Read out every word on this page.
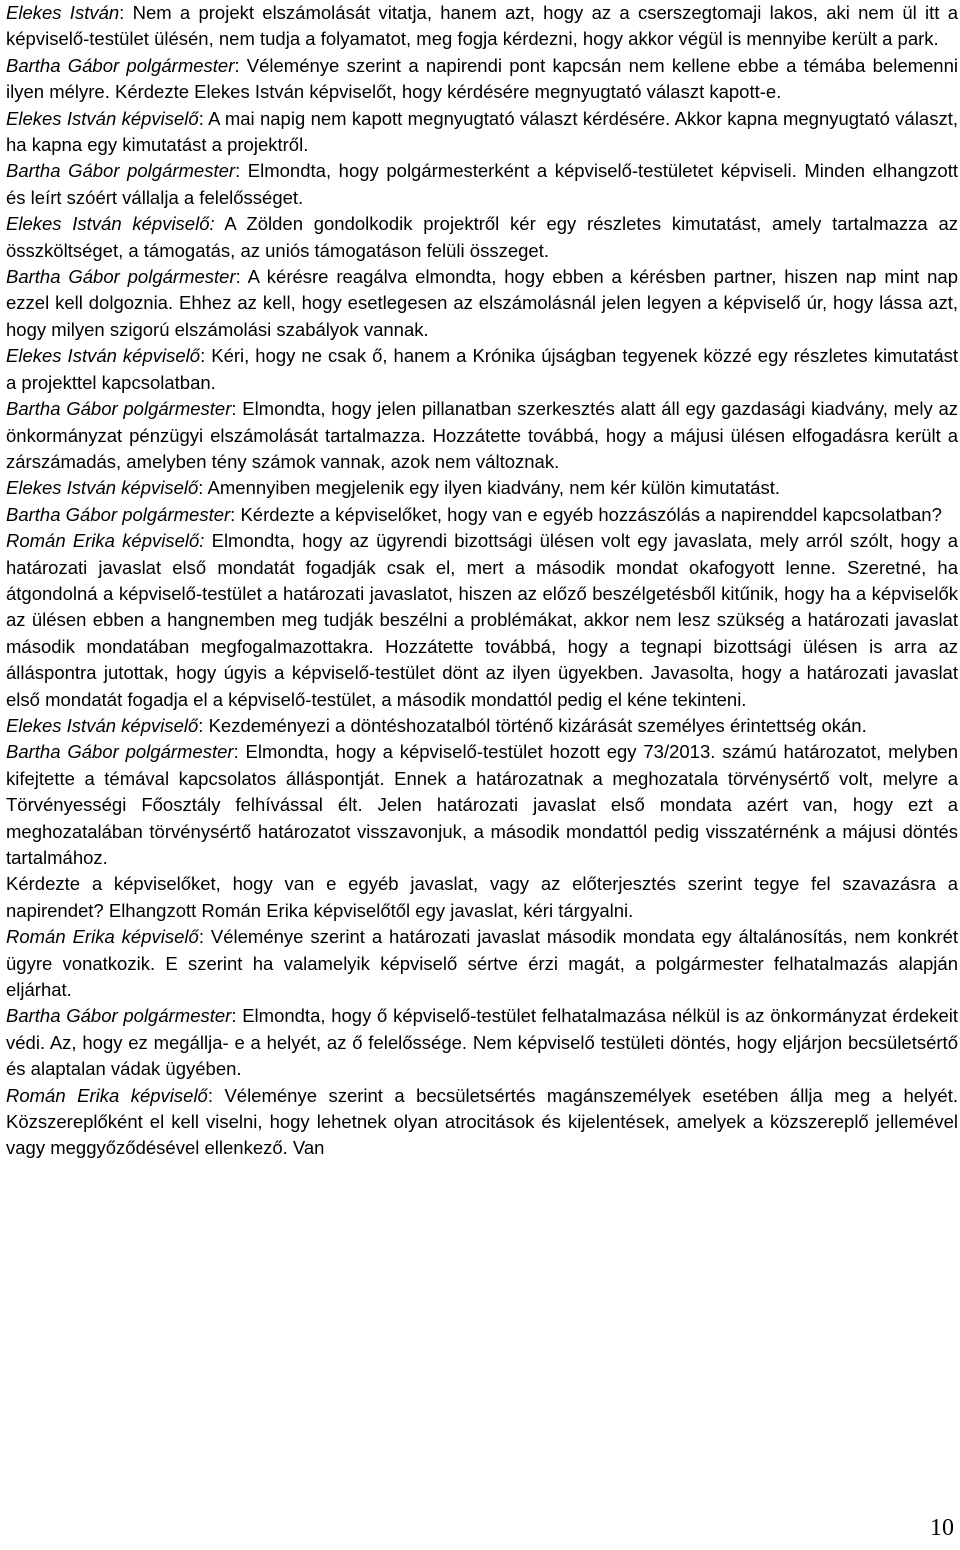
Elekes István: Nem a projekt elszámolását vitatja, hanem azt, hogy az a cserszegtomaji lakos, aki nem ül itt a képviselő-testület ülésén, nem tudja a folyamatot, meg fogja kérdezni, hogy akkor végül is mennyibe került a park.

Bartha Gábor polgármester: Véleménye szerint a napirendi pont kapcsán nem kellene ebbe a témába belemenni ilyen mélyre. Kérdezte Elekes István képviselőt, hogy kérdésére megnyugtató választ kapott-e.

Elekes István képviselő: A mai napig nem kapott megnyugtató választ kérdésére. Akkor kapna megnyugtató választ, ha kapna egy kimutatást a projektről.

Bartha Gábor polgármester: Elmondta, hogy polgármesterként a képviselő-testületet képviseli. Minden elhangzott és leírt szóért vállalja a felelősséget.

Elekes István képviselő: A Zölden gondolkodik projektről kér egy részletes kimutatást, amely tartalmazza az összköltséget, a támogatás, az uniós támogatáson felüli összeget.

Bartha Gábor polgármester: A kérésre reagálva elmondta, hogy ebben a kérésben partner, hiszen nap mint nap ezzel kell dolgoznia. Ehhez az kell, hogy esetlegesen az elszámolásnál jelen legyen a képviselő úr, hogy lássa azt, hogy milyen szigorú elszámolási szabályok vannak.

Elekes István képviselő: Kéri, hogy ne csak ő, hanem a Krónika újságban tegyenek közzé egy részletes kimutatást a projekttel kapcsolatban.

Bartha Gábor polgármester: Elmondta, hogy jelen pillanatban szerkesztés alatt áll egy gazdasági kiadvány, mely az önkormányzat pénzügyi elszámolását tartalmazza. Hozzátette továbbá, hogy a májusi ülésen elfogadásra került a zárszámadás, amelyben tény számok vannak, azok nem változnak.

Elekes István képviselő: Amennyiben megjelenik egy ilyen kiadvány, nem kér külön kimutatást.

Bartha Gábor polgármester: Kérdezte a képviselőket, hogy van e egyéb hozzászólás a napirenddel kapcsolatban?

Román Erika képviselő: Elmondta, hogy az ügyrendi bizottsági ülésen volt egy javaslata, mely arról szólt, hogy a határozati javaslat első mondatát fogadják csak el, mert a második mondat okafogyott lenne. Szeretné, ha átgondolná a képviselő-testület a határozati javaslatot, hiszen az előző beszélgetésből kitűnik, hogy ha a képviselők az ülésen ebben a hangnemben meg tudják beszélni a problémákat, akkor nem lesz szükség a határozati javaslat második mondatában megfogalmazottakra. Hozzátette továbbá, hogy a tegnapi bizottsági ülésen is arra az álláspontra jutottak, hogy úgyis a képviselő-testület dönt az ilyen ügyekben. Javasolta, hogy a határozati javaslat első mondatát fogadja el a képviselő-testület, a második mondattól pedig el kéne tekinteni.

Elekes István képviselő: Kezdeményezi a döntéshozatalból történő kizárását személyes érintettség okán.

Bartha Gábor polgármester: Elmondta, hogy a képviselő-testület hozott egy 73/2013. számú határozatot, melyben kifejtette a témával kapcsolatos álláspontját. Ennek a határozatnak a meghozatala törvénysértő volt, melyre a Törvényességi Főosztály felhívással élt. Jelen határozati javaslat első mondata azért van, hogy ezt a meghozatalában törvénysértő határozatot visszavonjuk, a második mondattól pedig visszatérnénk a májusi döntés tartalmához.

Kérdezte a képviselőket, hogy van e egyéb javaslat, vagy az előterjesztés szerint tegye fel szavazásra a napirendet? Elhangzott Román Erika képviselőtől egy javaslat, kéri tárgyalni.

Román Erika képviselő: Véleménye szerint a határozati javaslat második mondata egy általánosítás, nem konkrét ügyre vonatkozik. E szerint ha valamelyik képviselő sértve érzi magát, a polgármester felhatalmazás alapján eljárhat.

Bartha Gábor polgármester: Elmondta, hogy ő képviselő-testület felhatalmazása nélkül is az önkormányzat érdekeit védi. Az, hogy ez megállja- e a helyét, az ő felelőssége. Nem képviselő testületi döntés, hogy eljárjon becsületsértő és alaptalan vádak ügyében.

Román Erika képviselő: Véleménye szerint a becsületsértés magánszemélyek esetében állja meg a helyét. Közszereplőként el kell viselni, hogy lehetnek olyan atrocitások és kijelentések, amelyek a közszereplő jellemével vagy meggyőződésével ellenkező. Van

10
